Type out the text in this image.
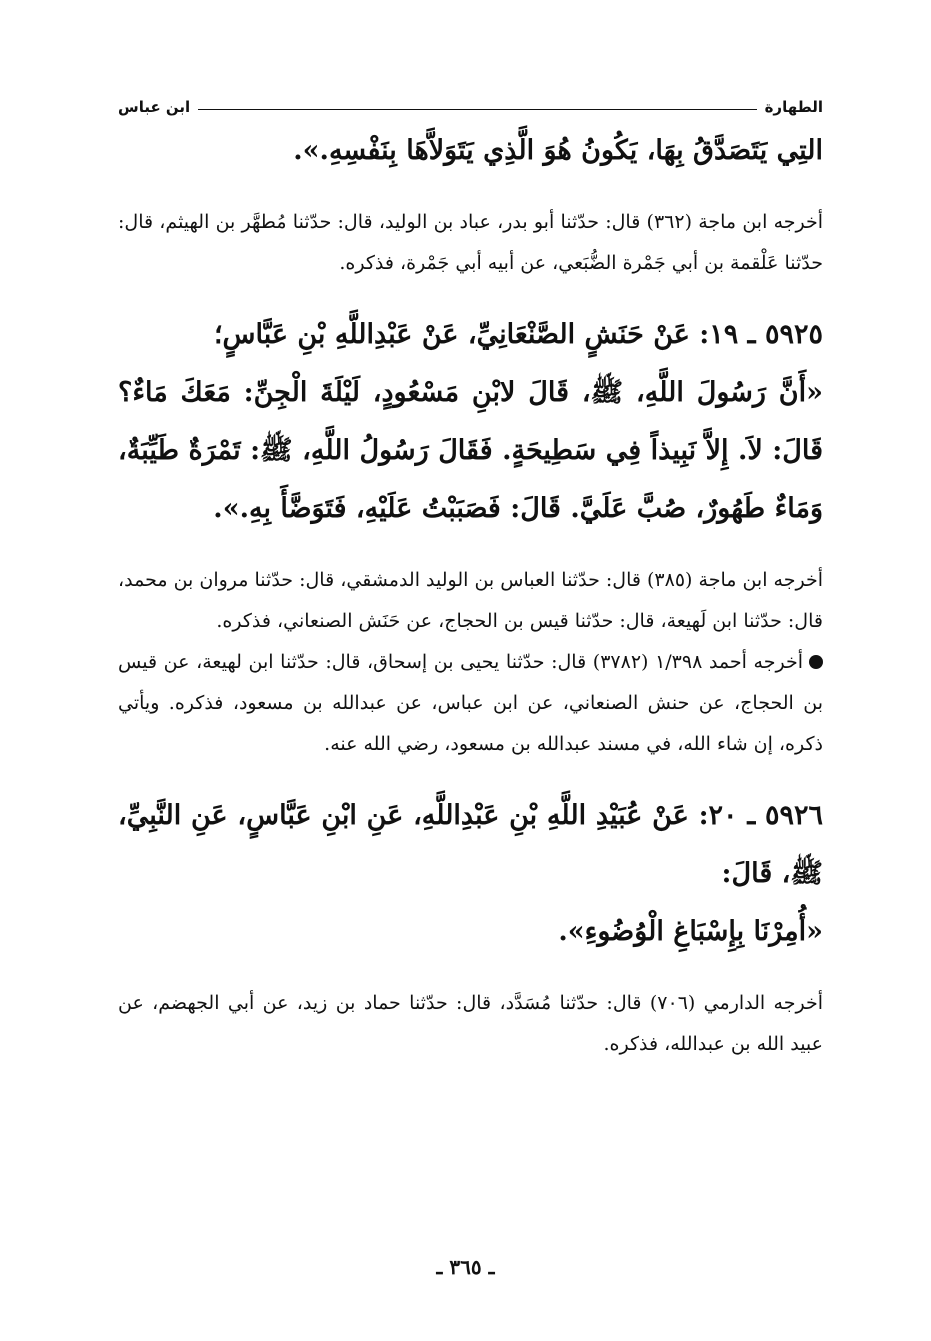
الطهارة
ابن عباس

التِي يَتَصَدَّقُ بِهَا، يَكُونُ هُوَ الَّذِي يَتَوَلاَّهَا بِنَفْسِهِ.».

أخرجه ابن ماجة (٣٦٢) قال: حدّثنا أبو بدر، عباد بن الوليد، قال: حدّثنا مُطهَّر بن الهيثم، قال: حدّثنا عَلْقمة بن أبي جَمْرة الضُّبَعي، عن أبيه أبي جَمْرة، فذكره.

٥٩٢٥ ـ ١٩: عَنْ حَنَشٍ الصَّنْعَانِيِّ، عَنْ عَبْدِاللَّهِ بْنِ عَبَّاسٍ؛

«أَنَّ رَسُولَ اللَّهِ، ﷺ، قَالَ لابْنِ مَسْعُودٍ، لَيْلَةَ الْجِنِّ: مَعَكَ مَاءٌ؟ قَالَ: لاَ. إِلاَّ نَبِيذاً فِي سَطِيحَةٍ. فَقَالَ رَسُولُ اللَّهِ، ﷺ: تَمْرَةٌ طَيِّبَةٌ، وَمَاءٌ طَهُورٌ، صُبَّ عَلَيَّ. قَالَ: فَصَبَبْتُ عَلَيْهِ، فَتَوَضَّأَ بِهِ.».

أخرجه ابن ماجة (٣٨٥) قال: حدّثنا العباس بن الوليد الدمشقي، قال: حدّثنا مروان بن محمد، قال: حدّثنا ابن لَهيعة، قال: حدّثنا قيس بن الحجاج، عن حَنَش الصنعاني، فذكره.

أخرجه أحمد ١/٣٩٨ (٣٧٨٢) قال: حدّثنا يحيى بن إسحاق، قال: حدّثنا ابن لهيعة، عن قيس بن الحجاج، عن حنش الصنعاني، عن ابن عباس، عن عبدالله بن مسعود، فذكره. ويأتي ذكره، إن شاء الله، في مسند عبدالله بن مسعود، رضي الله عنه.

٥٩٢٦ ـ ٢٠: عَنْ عُبَيْدِ اللَّهِ بْنِ عَبْدِاللَّهِ، عَنِ ابْنِ عَبَّاسٍ، عَنِ النَّبِيِّ، ﷺ، قَالَ:

«أُمِرْنَا بِإِسْبَاغِ الْوُضُوءِ».

أخرجه الدارمي (٧٠٦) قال: حدّثنا مُسَدَّد، قال: حدّثنا حماد بن زيد، عن أبي الجهضم، عن عبيد الله بن عبدالله، فذكره.

ـ ٣٦٥ ـ
